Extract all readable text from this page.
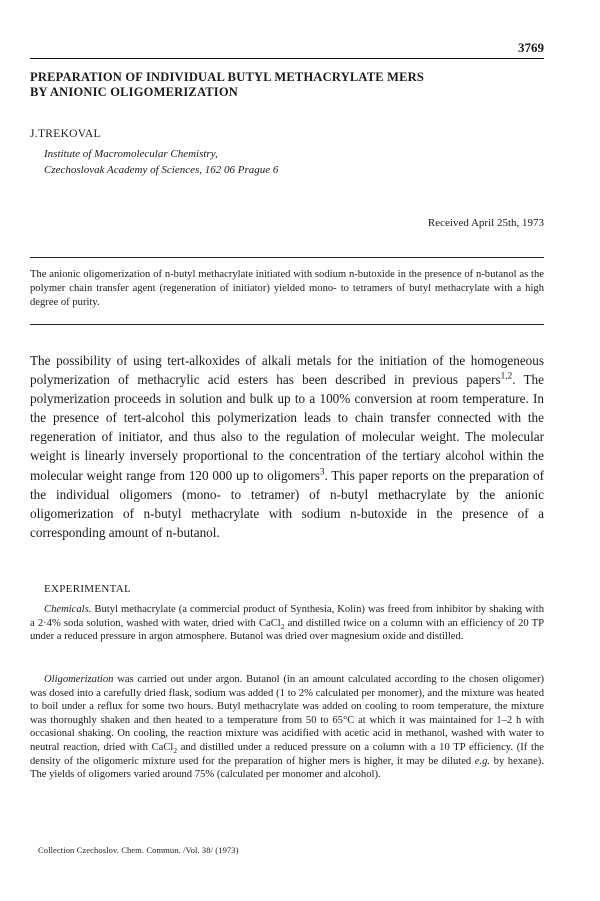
3769
PREPARATION OF INDIVIDUAL BUTYL METHACRYLATE MERS
BY ANIONIC OLIGOMERIZATION
J.TREKOVAL
Institute of Macromolecular Chemistry,
Czechoslovak Academy of Sciences, 162 06 Prague 6
Received April 25th, 1973
The anionic oligomerization of n-butyl methacrylate initiated with sodium n-butoxide in the presence of n-butanol as the polymer chain transfer agent (regeneration of initiator) yielded mono- to tetramers of butyl methacrylate with a high degree of purity.
The possibility of using tert-alkoxides of alkali metals for the initiation of the homogeneous polymerization of methacrylic acid esters has been described in previous papers$^{1,2}$. The polymerization proceeds in solution and bulk up to a 100% conversion at room temperature. In the presence of tert-alcohol this polymerization leads to chain transfer connected with the regeneration of initiator, and thus also to the regulation of molecular weight. The molecular weight is linearly inversely proportional to the concentration of the tertiary alcohol within the molecular weight range from 120 000 up to oligomers$^3$. This paper reports on the preparation of the individual oligomers (mono- to tetramer) of n-butyl methacrylate by the anionic oligomerization of n-butyl methacrylate with sodium n-butoxide in the presence of a corresponding amount of n-butanol.
EXPERIMENTAL
Chemicals. Butyl methacrylate (a commercial product of Synthesia, Kolín) was freed from inhibitor by shaking with a 2·4% soda solution, washed with water, dried with CaCl$_2$ and distilled twice on a column with an efficiency of 20 TP under a reduced pressure in argon atmosphere. Butanol was dried over magnesium oxide and distilled.
Oligomerization was carried out under argon. Butanol (in an amount calculated according to the chosen oligomer) was dosed into a carefully dried flask, sodium was added (1 to 2% calculated per monomer), and the mixture was heated to boil under a reflux for some two hours. Butyl methacrylate was added on cooling to room temperature, the mixture was thoroughly shaken and then heated to a temperature from 50 to 65°C at which it was maintained for 1–2 h with occasional shaking. On cooling, the reaction mixture was acidified with acetic acid in methanol, washed with water to neutral reaction, dried with CaCl$_2$ and distilled under a reduced pressure on a column with a 10 TP efficiency. (If the density of the oligomeric mixture used for the preparation of higher mers is higher, it may be diluted e.g. by hexane). The yields of oligomers varied around 75% (calculated per monomer and alcohol).
Collection Czechoslov. Chem. Commun. /Vol. 38/ (1973)
